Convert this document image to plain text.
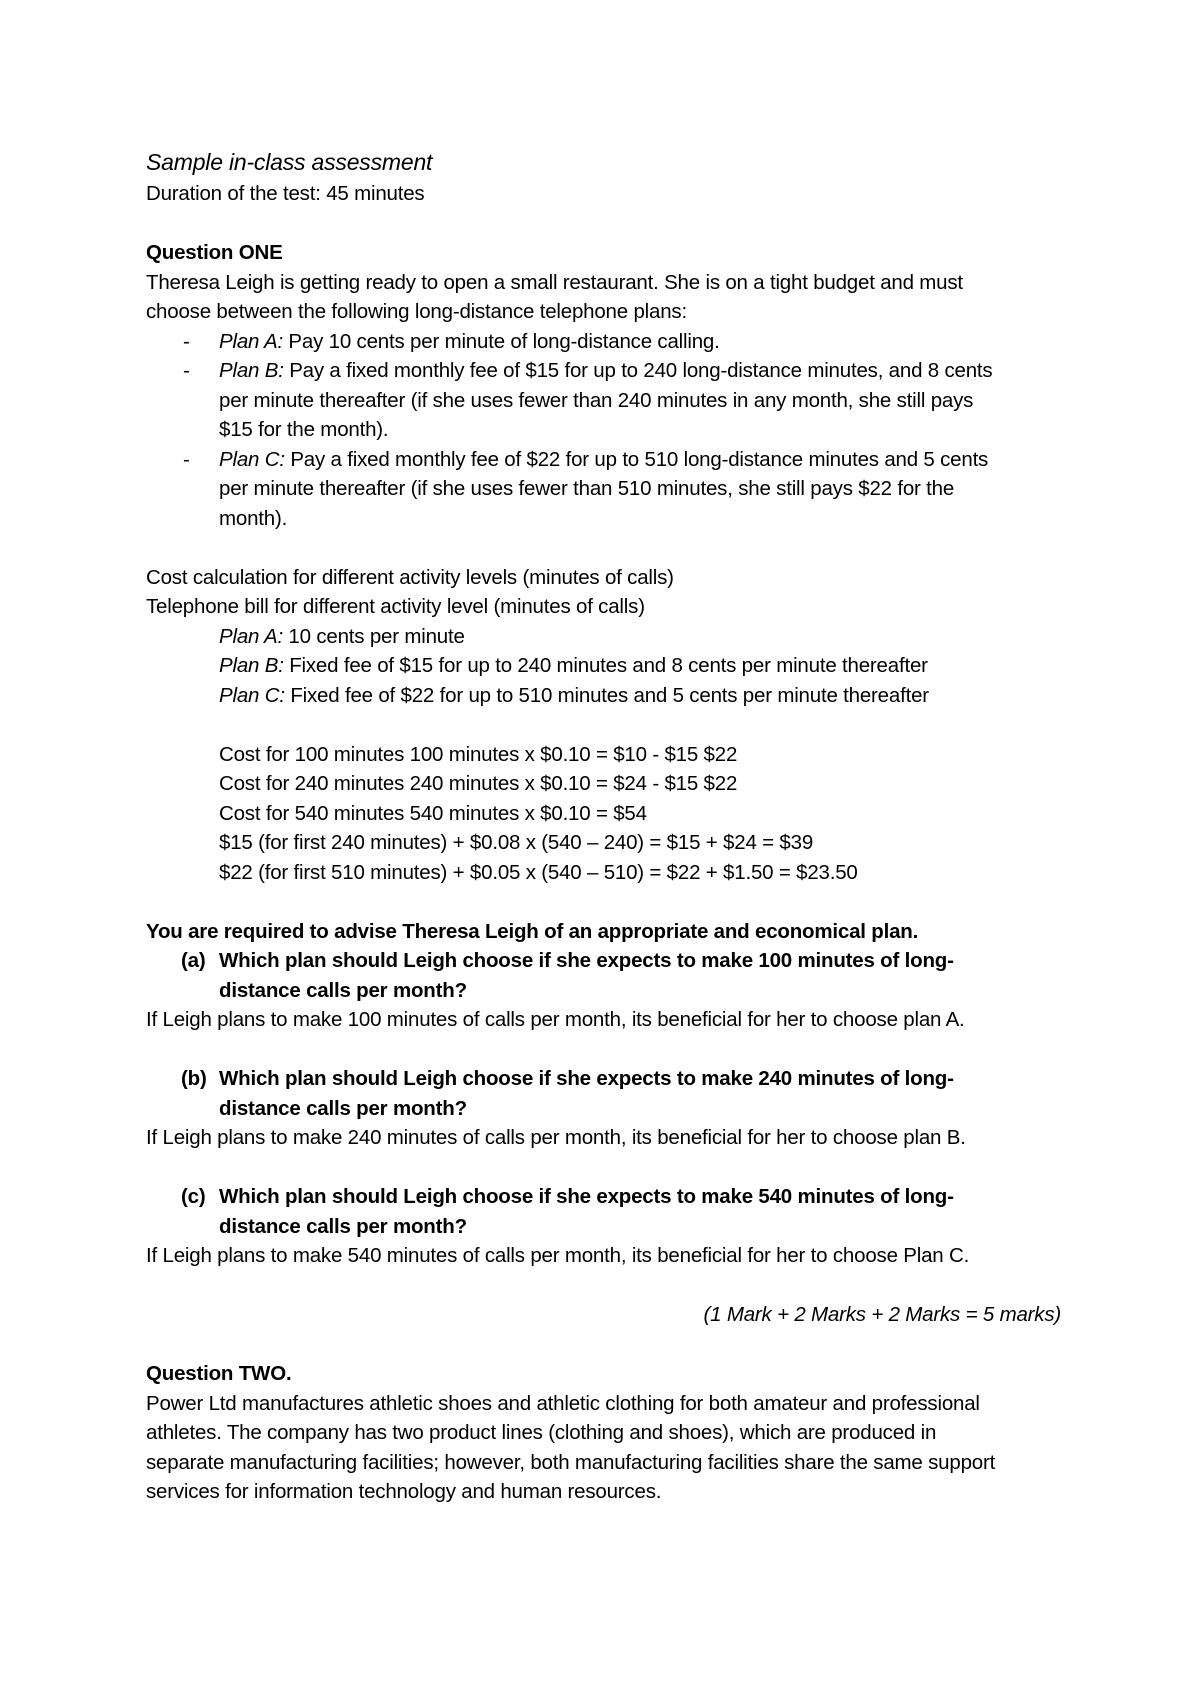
Sample in-class assessment

Duration of the test: 45 minutes

Question ONE

Theresa Leigh is getting ready to open a small restaurant. She is on a tight budget and must choose between the following long-distance telephone plans:

- Plan A: Pay 10 cents per minute of long-distance calling.
- Plan B: Pay a fixed monthly fee of $15 for up to 240 long-distance minutes, and 8 cents per minute thereafter (if she uses fewer than 240 minutes in any month, she still pays $15 for the month).
- Plan C: Pay a fixed monthly fee of $22 for up to 510 long-distance minutes and 5 cents per minute thereafter (if she uses fewer than 510 minutes, she still pays $22 for the month).

Cost calculation for different activity levels (minutes of calls)

Telephone bill for different activity level (minutes of calls)

Plan A: 10 cents per minute

Plan B: Fixed fee of $15 for up to 240 minutes and 8 cents per minute thereafter

Plan C: Fixed fee of $22 for up to 510 minutes and 5 cents per minute thereafter

Cost for 100 minutes 100 minutes x $0.10 = $10 - $15 $22

Cost for 240 minutes 240 minutes x $0.10 = $24 - $15 $22

Cost for 540 minutes 540 minutes x $0.10 = $54

$15 (for first 240 minutes) + $0.08 x (540 – 240) = $15 + $24 = $39

$22 (for first 510 minutes) + $0.05 x (540 – 510) = $22 + $1.50 = $23.50

You are required to advise Theresa Leigh of an appropriate and economical plan.

(a) Which plan should Leigh choose if she expects to make 100 minutes of long-distance calls per month?

If Leigh plans to make 100 minutes of calls per month, its beneficial for her to choose plan A.

(b) Which plan should Leigh choose if she expects to make 240 minutes of long-distance calls per month?

If Leigh plans to make 240 minutes of calls per month, its beneficial for her to choose plan B.

(c) Which plan should Leigh choose if she expects to make 540 minutes of long-distance calls per month?

If Leigh plans to make 540 minutes of calls per month, its beneficial for her to choose Plan C.

(1 Mark + 2 Marks + 2 Marks = 5 marks)

Question TWO.

Power Ltd manufactures athletic shoes and athletic clothing for both amateur and professional athletes. The company has two product lines (clothing and shoes), which are produced in separate manufacturing facilities; however, both manufacturing facilities share the same support services for information technology and human resources.
